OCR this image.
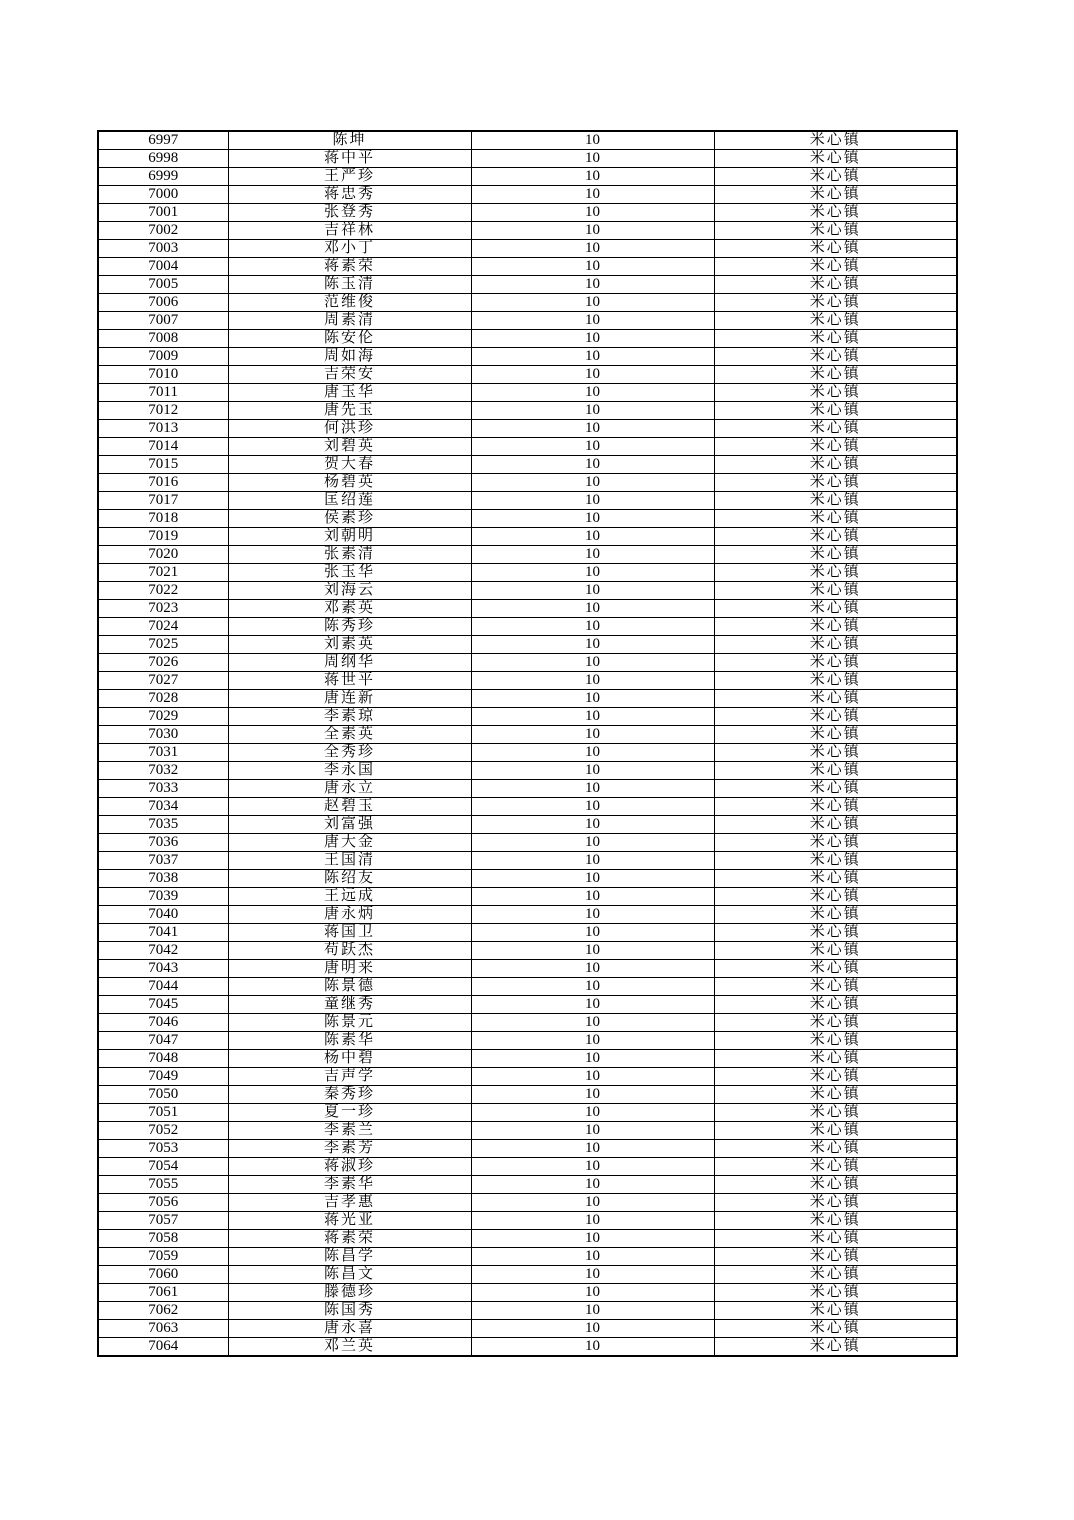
6997	陈坤	10	米心镇
6998	蒋中平	10	米心镇
6999	王严珍	10	米心镇
7000	蒋忠秀	10	米心镇
7001	张登秀	10	米心镇
7002	吉祥林	10	米心镇
7003	邓小丁	10	米心镇
7004	蒋素荣	10	米心镇
7005	陈玉清	10	米心镇
7006	范维俊	10	米心镇
7007	周素清	10	米心镇
7008	陈安伦	10	米心镇
7009	周如海	10	米心镇
7010	吉荣安	10	米心镇
7011	唐玉华	10	米心镇
7012	唐先玉	10	米心镇
7013	何洪珍	10	米心镇
7014	刘碧英	10	米心镇
7015	贺大春	10	米心镇
7016	杨碧英	10	米心镇
7017	匡绍莲	10	米心镇
7018	侯素珍	10	米心镇
7019	刘朝明	10	米心镇
7020	张素清	10	米心镇
7021	张玉华	10	米心镇
7022	刘海云	10	米心镇
7023	邓素英	10	米心镇
7024	陈秀珍	10	米心镇
7025	刘素英	10	米心镇
7026	周纲华	10	米心镇
7027	蒋世平	10	米心镇
7028	唐连新	10	米心镇
7029	李素琼	10	米心镇
7030	全素英	10	米心镇
7031	全秀珍	10	米心镇
7032	李永国	10	米心镇
7033	唐永立	10	米心镇
7034	赵碧玉	10	米心镇
7035	刘富强	10	米心镇
7036	唐大金	10	米心镇
7037	王国清	10	米心镇
7038	陈绍友	10	米心镇
7039	王远成	10	米心镇
7040	唐永炳	10	米心镇
7041	蒋国卫	10	米心镇
7042	苟跃杰	10	米心镇
7043	唐明来	10	米心镇
7044	陈景德	10	米心镇
7045	童继秀	10	米心镇
7046	陈景元	10	米心镇
7047	陈素华	10	米心镇
7048	杨中碧	10	米心镇
7049	吉声学	10	米心镇
7050	秦秀珍	10	米心镇
7051	夏一珍	10	米心镇
7052	李素兰	10	米心镇
7053	李素芳	10	米心镇
7054	蒋淑珍	10	米心镇
7055	李素华	10	米心镇
7056	吉孝惠	10	米心镇
7057	蒋光亚	10	米心镇
7058	蒋素荣	10	米心镇
7059	陈昌学	10	米心镇
7060	陈昌文	10	米心镇
7061	滕德珍	10	米心镇
7062	陈国秀	10	米心镇
7063	唐永喜	10	米心镇
7064	邓兰英	10	米心镇
